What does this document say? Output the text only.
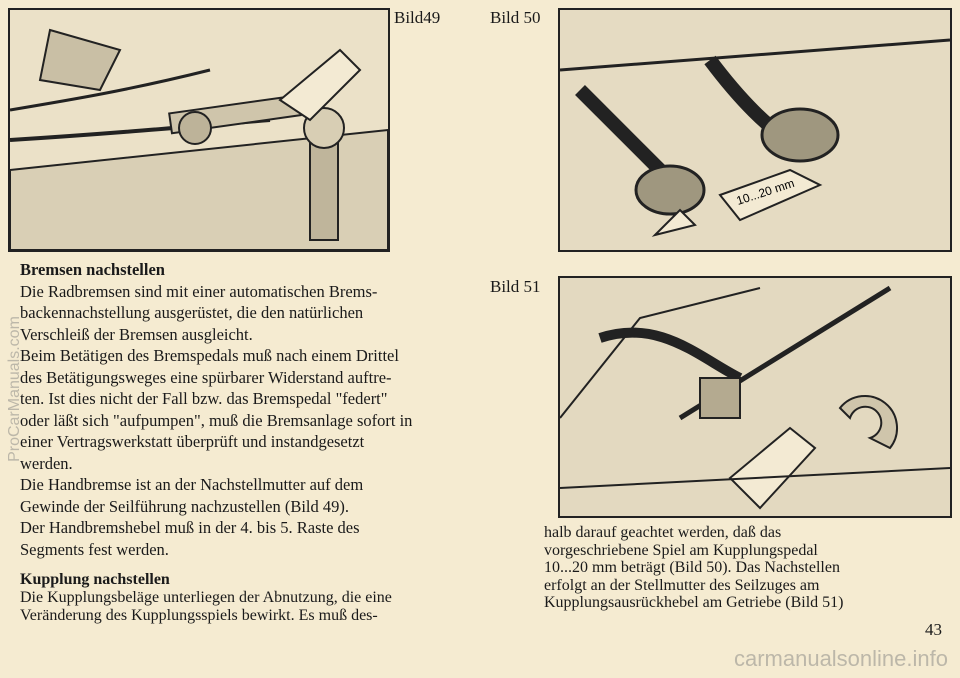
Bild49	Bild 50
10...20 mm
Bild 51
Bremsen nachstellen

Die Radbremsen sind mit einer automatischen Brems-

backennachstellung ausgerüstet, die den natürlichen

Verschleiß der Bremsen ausgleicht.

Beim Betätigen des Bremspedals muß nach einem Drittel

des Betätigungsweges eine spürbarer Widerstand auftre-

ten. Ist dies nicht der Fall bzw. das Bremspedal "federt"

oder läßt sich "aufpumpen", muß die Bremsanlage sofort in

einer Vertragswerkstatt überprüft und instandgesetzt

werden.

Die Handbremse ist an der Nachstellmutter auf dem

Gewinde der Seilführung nachzustellen (Bild 49).

Der Handbremshebel muß in der 4. bis 5. Raste des

Segments fest werden.

Kupplung nachstellen

Die Kupplungsbeläge unterliegen der Abnutzung, die eine

Veränderung des Kupplungsspiels bewirkt. Es muß des-

halb darauf geachtet werden, daß das

vorgeschriebene Spiel am Kupplungspedal

10...20 mm beträgt (Bild 50). Das Nachstellen

erfolgt an der Stellmutter des Seilzuges am

Kupplungsausrückhebel am Getriebe (Bild 51)

43
ProCarManuals.com
carmanualsonline.info
